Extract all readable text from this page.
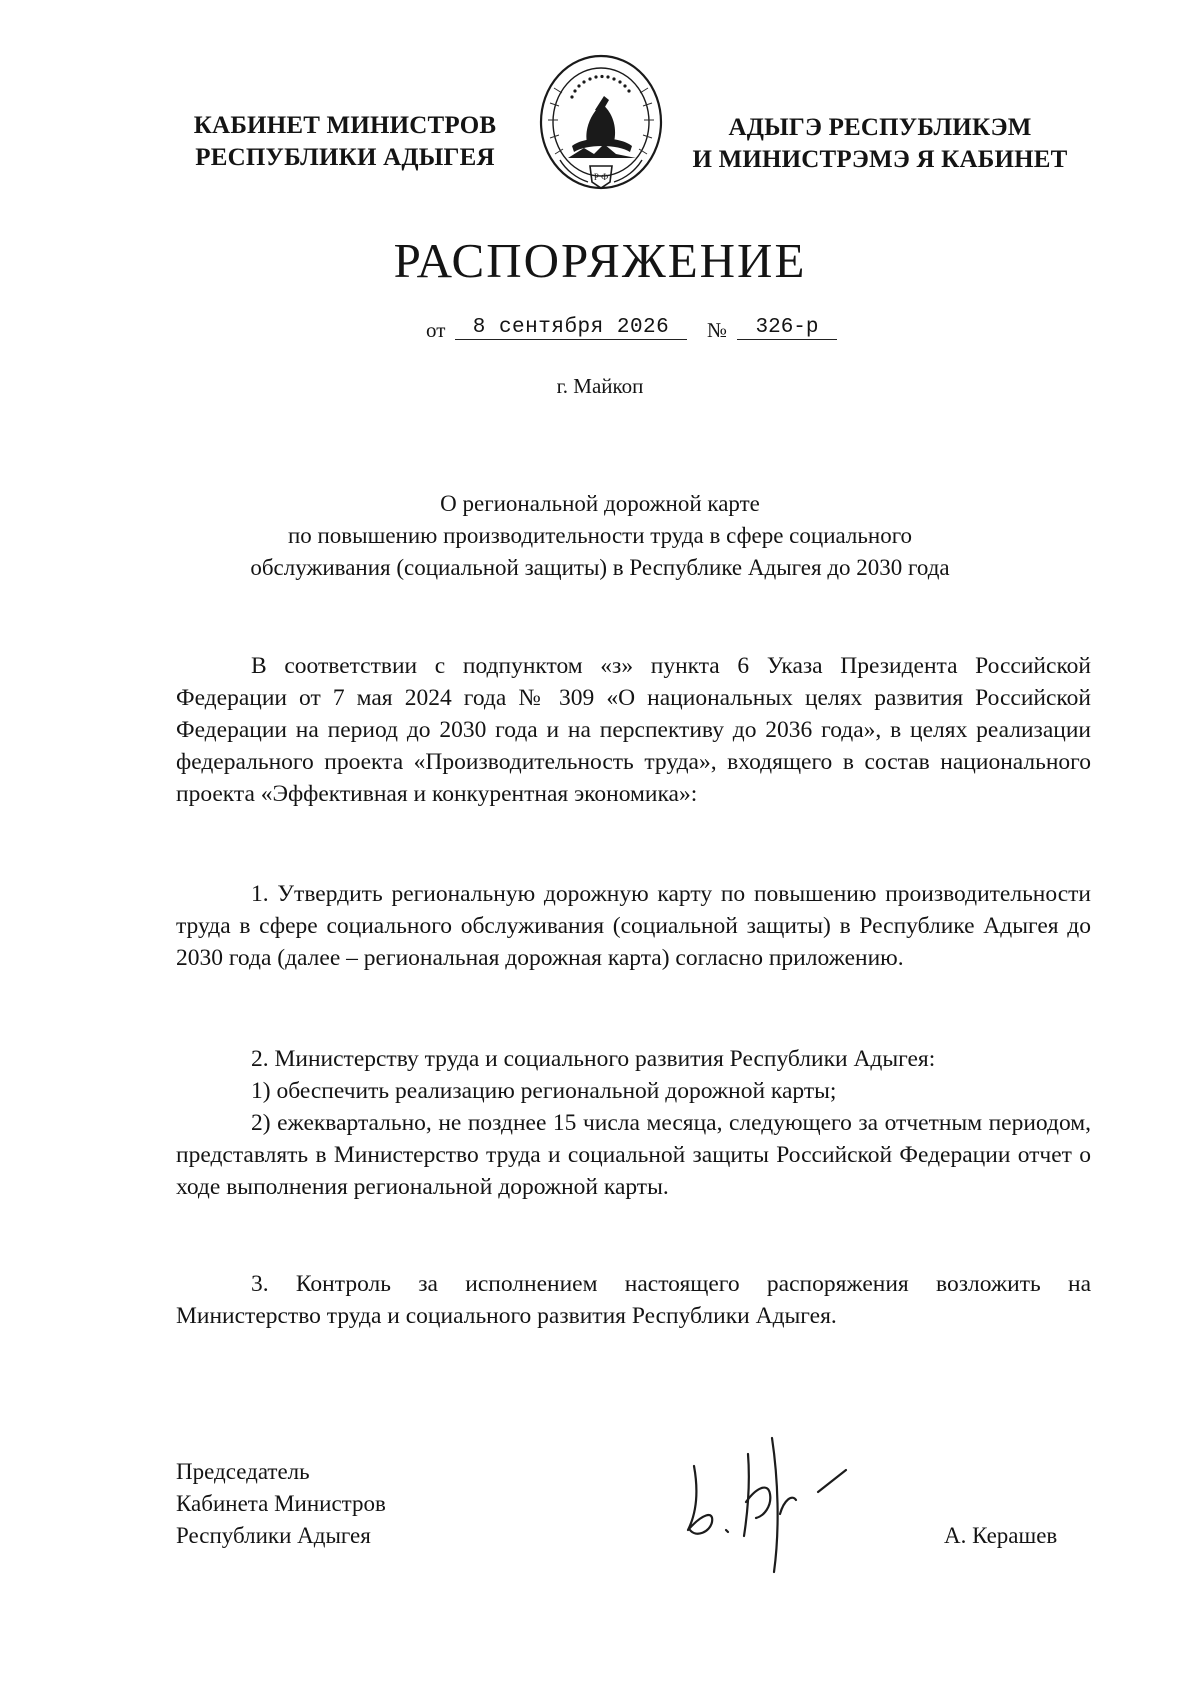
КАБИНЕТ МИНИСТРОВ
РЕСПУБЛИКИ АДЫГЕЯ
Р Ф
АДЫГЭ РЕСПУБЛИКЭМ
И МИНИСТРЭМЭ Я КАБИНЕТ
РАСПОРЯЖЕНИЕ
от	8 сентября 2026	№	326-р
г. Майкоп
О региональной дорожной карте
по повышению производительности труда в сфере социального
обслуживания (социальной защиты) в Республике Адыгея до 2030 года

В соответствии с подпунктом «з» пункта 6 Указа Президента Российской Федерации от 7 мая 2024 года № 309 «О национальных целях развития Российской Федерации на период до 2030 года и на перспективу до 2036 года», в целях реализации федерального проекта «Производительность труда», входящего в состав национального проекта «Эффективная и конкурентная экономика»:

1. Утвердить региональную дорожную карту по повышению производительности труда в сфере социального обслуживания (социальной защиты) в Республике Адыгея до 2030 года (далее – региональная дорожная карта) согласно приложению.

2. Министерству труда и социального развития Республики Адыгея:

1) обеспечить реализацию региональной дорожной карты;

2) ежеквартально, не позднее 15 числа месяца, следующего за отчетным периодом, представлять в Министерство труда и социальной защиты Российской Федерации отчет о ходе выполнения региональной дорожной карты.

3. Контроль за исполнением настоящего распоряжения возложить на Министерство труда и социального развития Республики Адыгея.

Председатель
Кабинета Министров
Республики Адыгея	А. Керашев
